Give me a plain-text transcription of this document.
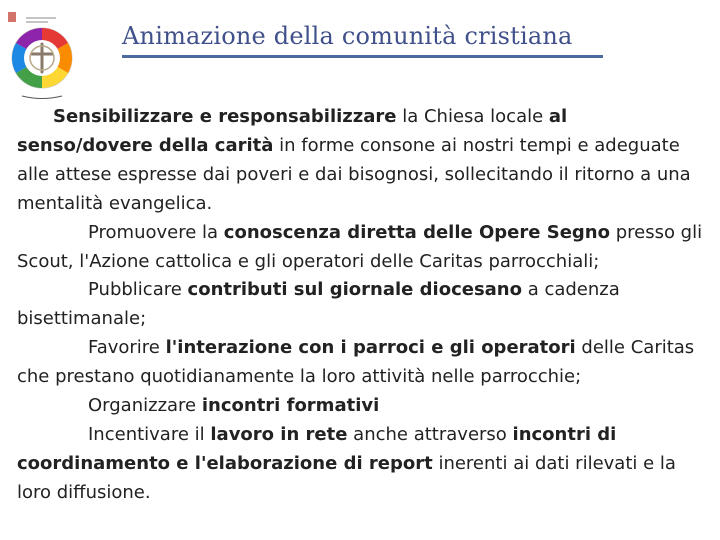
Animazione della comunità cristiana

Sensibilizzare e responsabilizzare la Chiesa locale al senso/dovere della carità in forme consone ai nostri tempi e adeguate alle attese espresse dai poveri e dai bisognosi, sollecitando il ritorno a una mentalità evangelica.

Promuovere la conoscenza diretta delle Opere Segno presso gli Scout, l'Azione cattolica e gli operatori delle Caritas parrocchiali;

Pubblicare contributi sul giornale diocesano a cadenza bisettimanale;

Favorire l'interazione con i parroci e gli operatori delle Caritas che prestano quotidianamente la loro attività nelle parrocchie;

Organizzare incontri formativi

Incentivare il lavoro in rete anche attraverso incontri di coordinamento e l'elaborazione di report inerenti ai dati rilevati e la loro diffusione.
